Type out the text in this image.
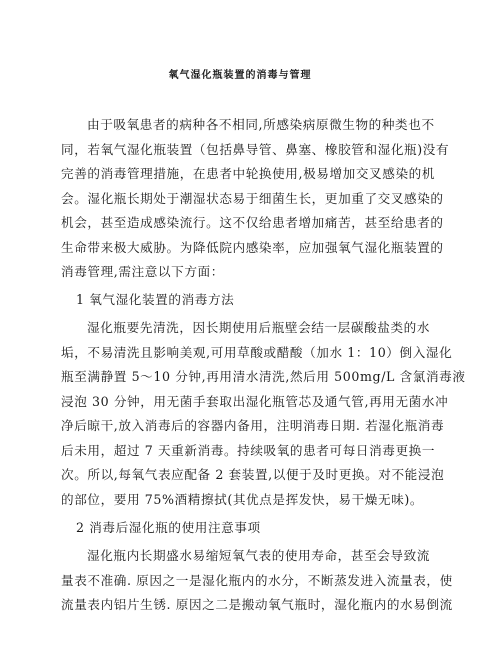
氧气湿化瓶装置的消毒与管理
由于吸氧患者的病种各不相同,所感染病原微生物的种类也不
同，若氧气湿化瓶装置（包括鼻导管、鼻塞、橡胶管和湿化瓶)没有
完善的消毒管理措施，在患者中轮换使用,极易增加交叉感染的机
会。湿化瓶长期处于潮湿状态易于细菌生长，更加重了交叉感染的
机会，甚至造成感染流行。这不仅给患者增加痛苦，甚至给患者的
生命带来极大威胁。为降低院内感染率，应加强氧气湿化瓶装置的
消毒管理,需注意以下方面：
1 氧气湿化装置的消毒方法
湿化瓶要先清洗，因长期使用后瓶壁会结一层碳酸盐类的水
垢，不易清洗且影响美观,可用草酸或醋酸（加水 1：10）倒入湿化
瓶至满静置 5～10 分钟,再用清水清洗,然后用 500mg/L 含氯消毒液
浸泡 30 分钟，用无菌手套取出湿化瓶管芯及通气管,再用无菌水冲
净后晾干,放入消毒后的容器内备用，注明消毒日期. 若湿化瓶消毒
后未用，超过 7 天重新消毒。持续吸氧的患者可每日消毒更换一
次。所以,每氧气表应配备 2 套装置,以便于及时更换。对不能浸泡
的部位，要用 75%酒精擦拭(其优点是挥发快，易干燥无味)。
2 消毒后湿化瓶的使用注意事项
湿化瓶内长期盛水易缩短氧气表的使用寿命，甚至会导致流
量表不准确. 原因之一是湿化瓶内的水分，不断蒸发进入流量表，使
流量表内铝片生锈. 原因之二是搬动氧气瓶时，湿化瓶内的水易倒流
